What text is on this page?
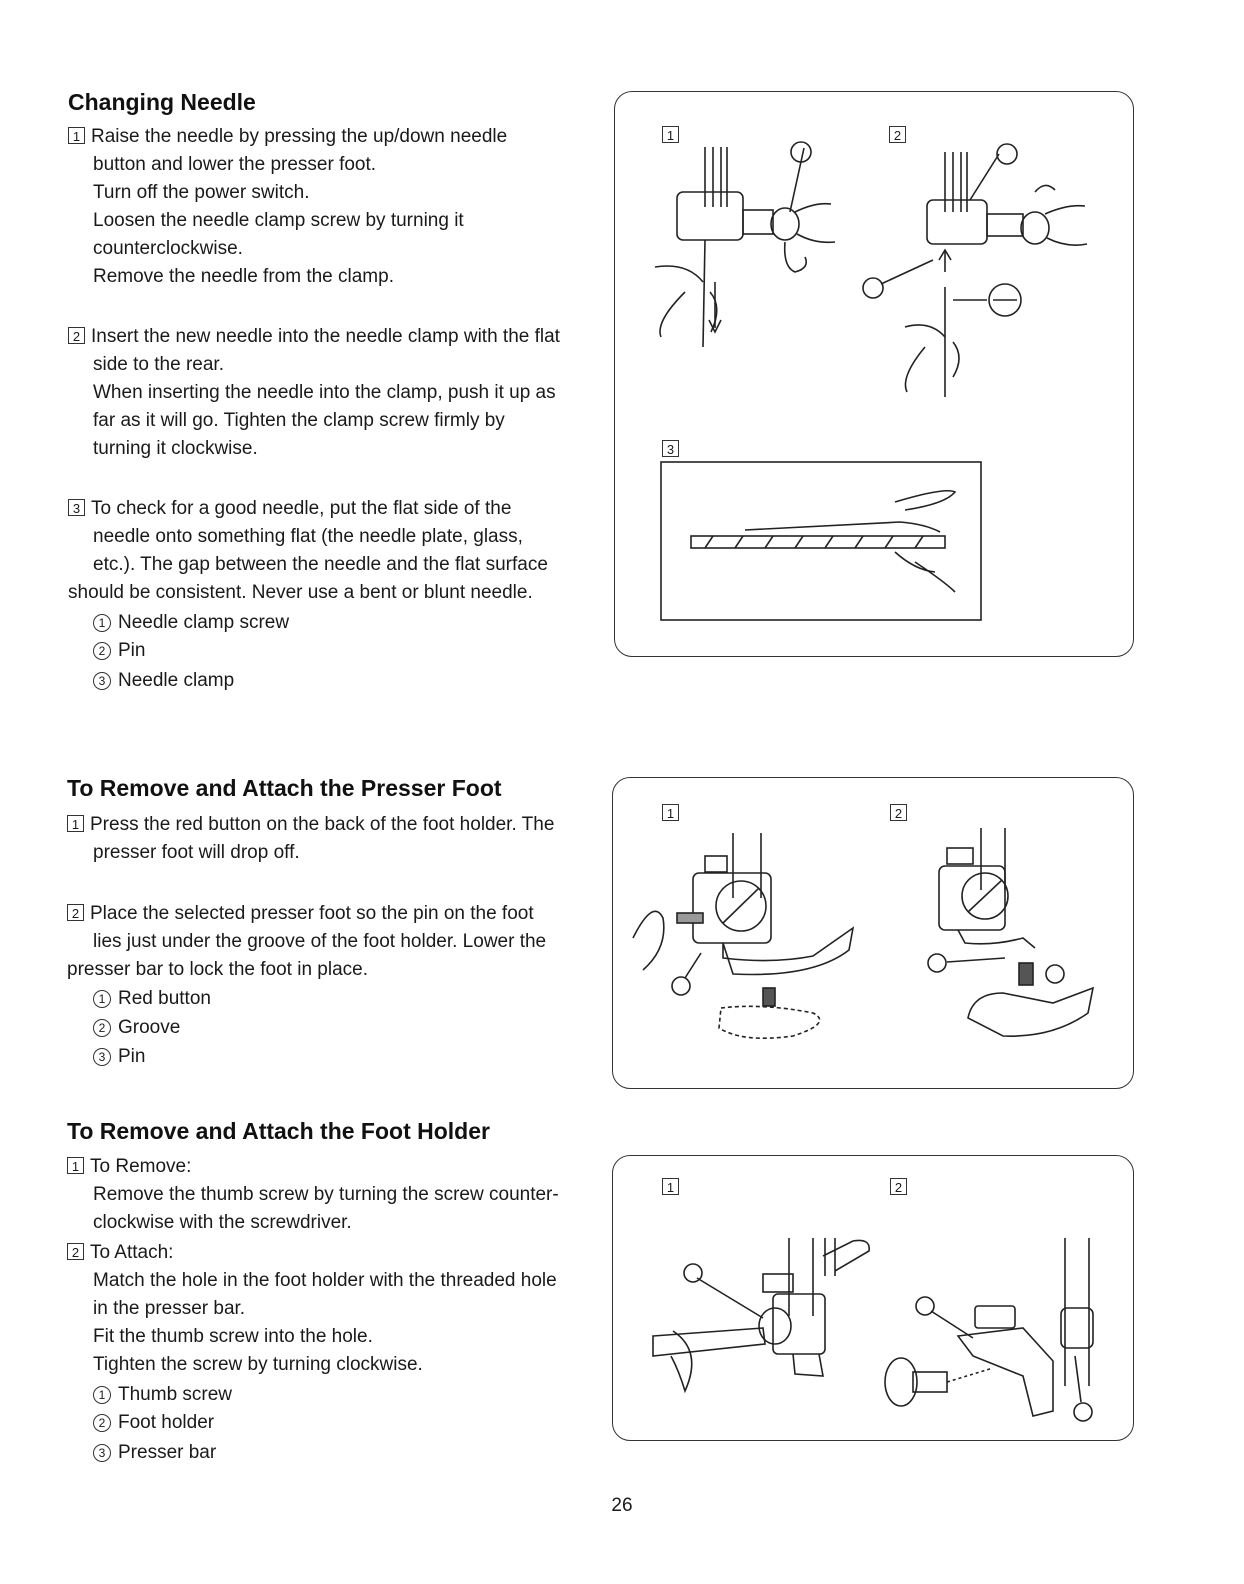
Changing Needle
1 Raise the needle by pressing the up/down needle
button and lower the presser foot.
Turn off the power switch.
Loosen the needle clamp screw by turning it
counterclockwise.
Remove the needle from the clamp.
2 Insert the new needle into the needle clamp with the flat
side to the rear.
When inserting the needle into the clamp, push it up as
far as it will go. Tighten the clamp screw firmly by
turning it clockwise.
3 To check for a good needle, put the flat side of the
needle onto something flat (the needle plate, glass,
etc.). The gap between the needle and the flat surface
should be consistent. Never use a bent or blunt needle.
1 Needle clamp screw
2 Pin
3 Needle clamp
1	2
3
To Remove and Attach the Presser Foot
1 Press the red button on the back of the foot holder. The
presser foot will drop off.
2 Place the selected presser foot so the pin on the foot
lies just under the groove of the foot holder. Lower the
presser bar to lock the foot in place.
1 Red button
2 Groove
3 Pin
1	2
To Remove and Attach the Foot Holder
1 To Remove:
Remove the thumb screw by turning the screw counter-
clockwise with the screwdriver.
2 To Attach:
Match the hole in the foot holder with the threaded hole
in the presser bar.
Fit the thumb screw into the hole.
Tighten the screw by turning clockwise.
1 Thumb screw
2 Foot holder
3 Presser bar
1	2
26
